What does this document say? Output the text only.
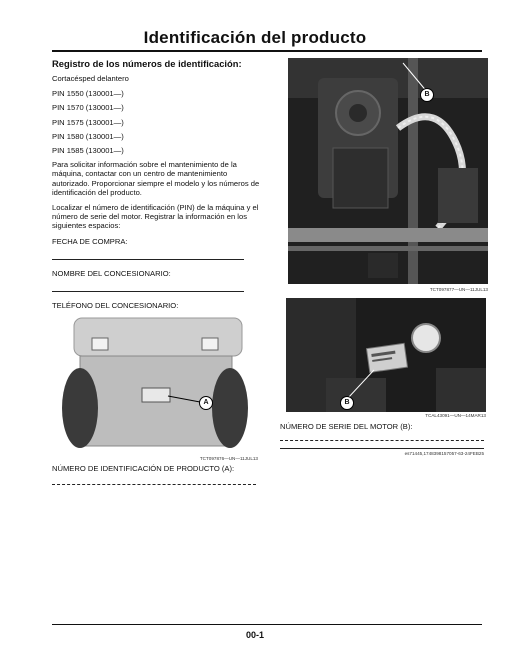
Identificación del producto
Registro de los números de identificación:
Cortacésped delantero
PIN 1550 (130001—)
PIN 1570 (130001—)
PIN 1575 (130001—)
PIN 1580 (130001—)
PIN 1585 (130001—)
Para solicitar información sobre el mantenimiento de la máquina, contactar con un centro de mantenimiento autorizado. Proporcionar siempre el modelo y los números de identificación del producto.
Localizar el número de identificación (PIN) de la máquina y el número de serie del motor. Registrar la información en los siguientes espacios:
FECHA DE COMPRA:
NOMBRE DEL CONCESIONARIO:
TELÉFONO DEL CONCESIONARIO:
B
TCT097877—UN—11JUL13
A
TCT097876—UN—11JUL13
B
TCAL43091—UN—14MAR13
NÚMERO DE SERIE DEL MOTOR (B):
es71445,1748398157057-63-24FEB25
NÚMERO DE IDENTIFICACIÓN DE PRODUCTO (A):
00-1
